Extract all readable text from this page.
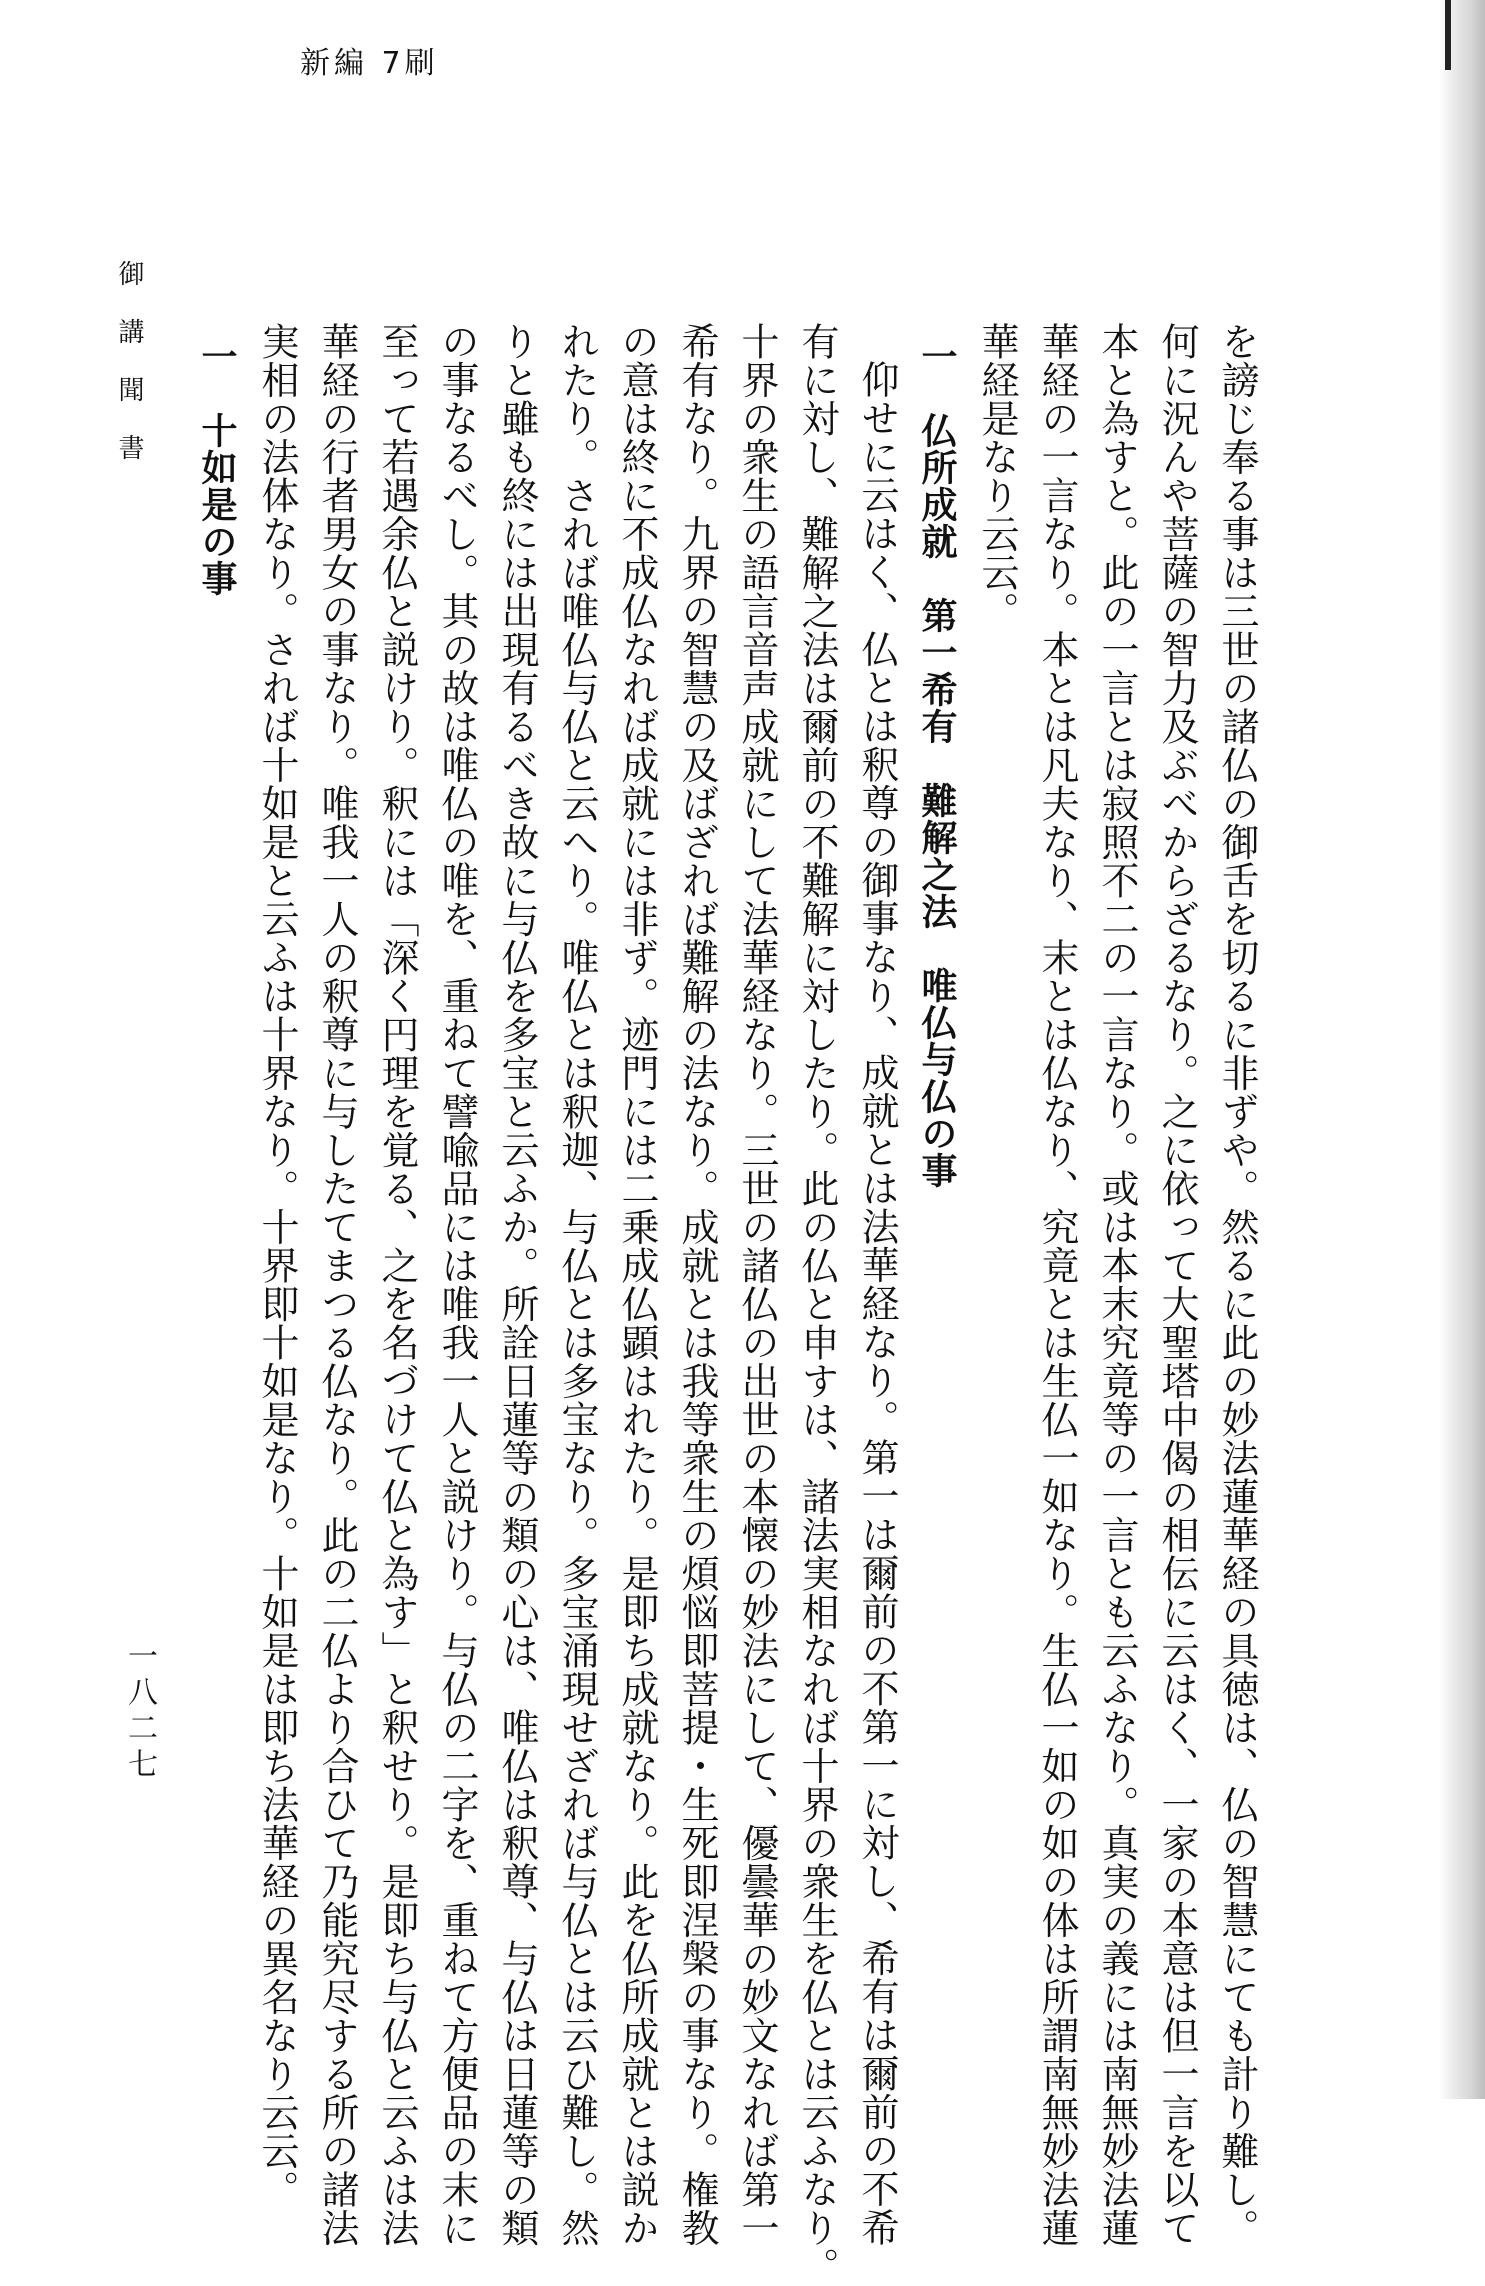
新編 7刷
を謗じ奉る事は三世の諸仏の御舌を切るに非ずや。然るに此の妙法蓮華経の具徳は、仏の智慧にても計り難し。
何に況んや菩薩の智力及ぶべからざるなり。之に依って大聖塔中偈の相伝に云はく、一家の本意は但一言を以て
本と為すと。此の一言とは寂照不二の一言なり。或は本末究竟等の一言とも云ふなり。真実の義には南無妙法蓮
華経の一言なり。本とは凡夫なり、末とは仏なり、究竟とは生仏一如なり。生仏一如の如の体は所謂南無妙法蓮
華経是なり云云。
一　仏所成就　第一希有　難解之法　唯仏与仏の事
仰せに云はく、仏とは釈尊の御事なり、成就とは法華経なり。第一は爾前の不第一に対し、希有は爾前の不希
有に対し、難解之法は爾前の不難解に対したり。此の仏と申すは、諸法実相なれば十界の衆生を仏とは云ふなり。
十界の衆生の語言音声成就にして法華経なり。三世の諸仏の出世の本懐の妙法にして、優曇華の妙文なれば第一
希有なり。九界の智慧の及ばざれば難解の法なり。成就とは我等衆生の煩悩即菩提・生死即涅槃の事なり。権教
の意は終に不成仏なれば成就には非ず。迹門には二乗成仏顕はれたり。是即ち成就なり。此を仏所成就とは説か
れたり。されば唯仏与仏と云へり。唯仏とは釈迦、与仏とは多宝なり。多宝涌現せざれば与仏とは云ひ難し。然
りと雖も終には出現有るべき故に与仏を多宝と云ふか。所詮日蓮等の類の心は、唯仏は釈尊、与仏は日蓮等の類
の事なるべし。其の故は唯仏の唯を、重ねて譬喩品には唯我一人と説けり。与仏の二字を、重ねて方便品の末に
至って若遇余仏と説けり。釈には「深く円理を覚る、之を名づけて仏と為す」と釈せり。是即ち与仏と云ふは法
華経の行者男女の事なり。唯我一人の釈尊に与したてまつる仏なり。此の二仏より合ひて乃能究尽する所の諸法
実相の法体なり。されば十如是と云ふは十界なり。十界即十如是なり。十如是は即ち法華経の異名なり云云。
一　十如是の事
御講聞書
一八二七
